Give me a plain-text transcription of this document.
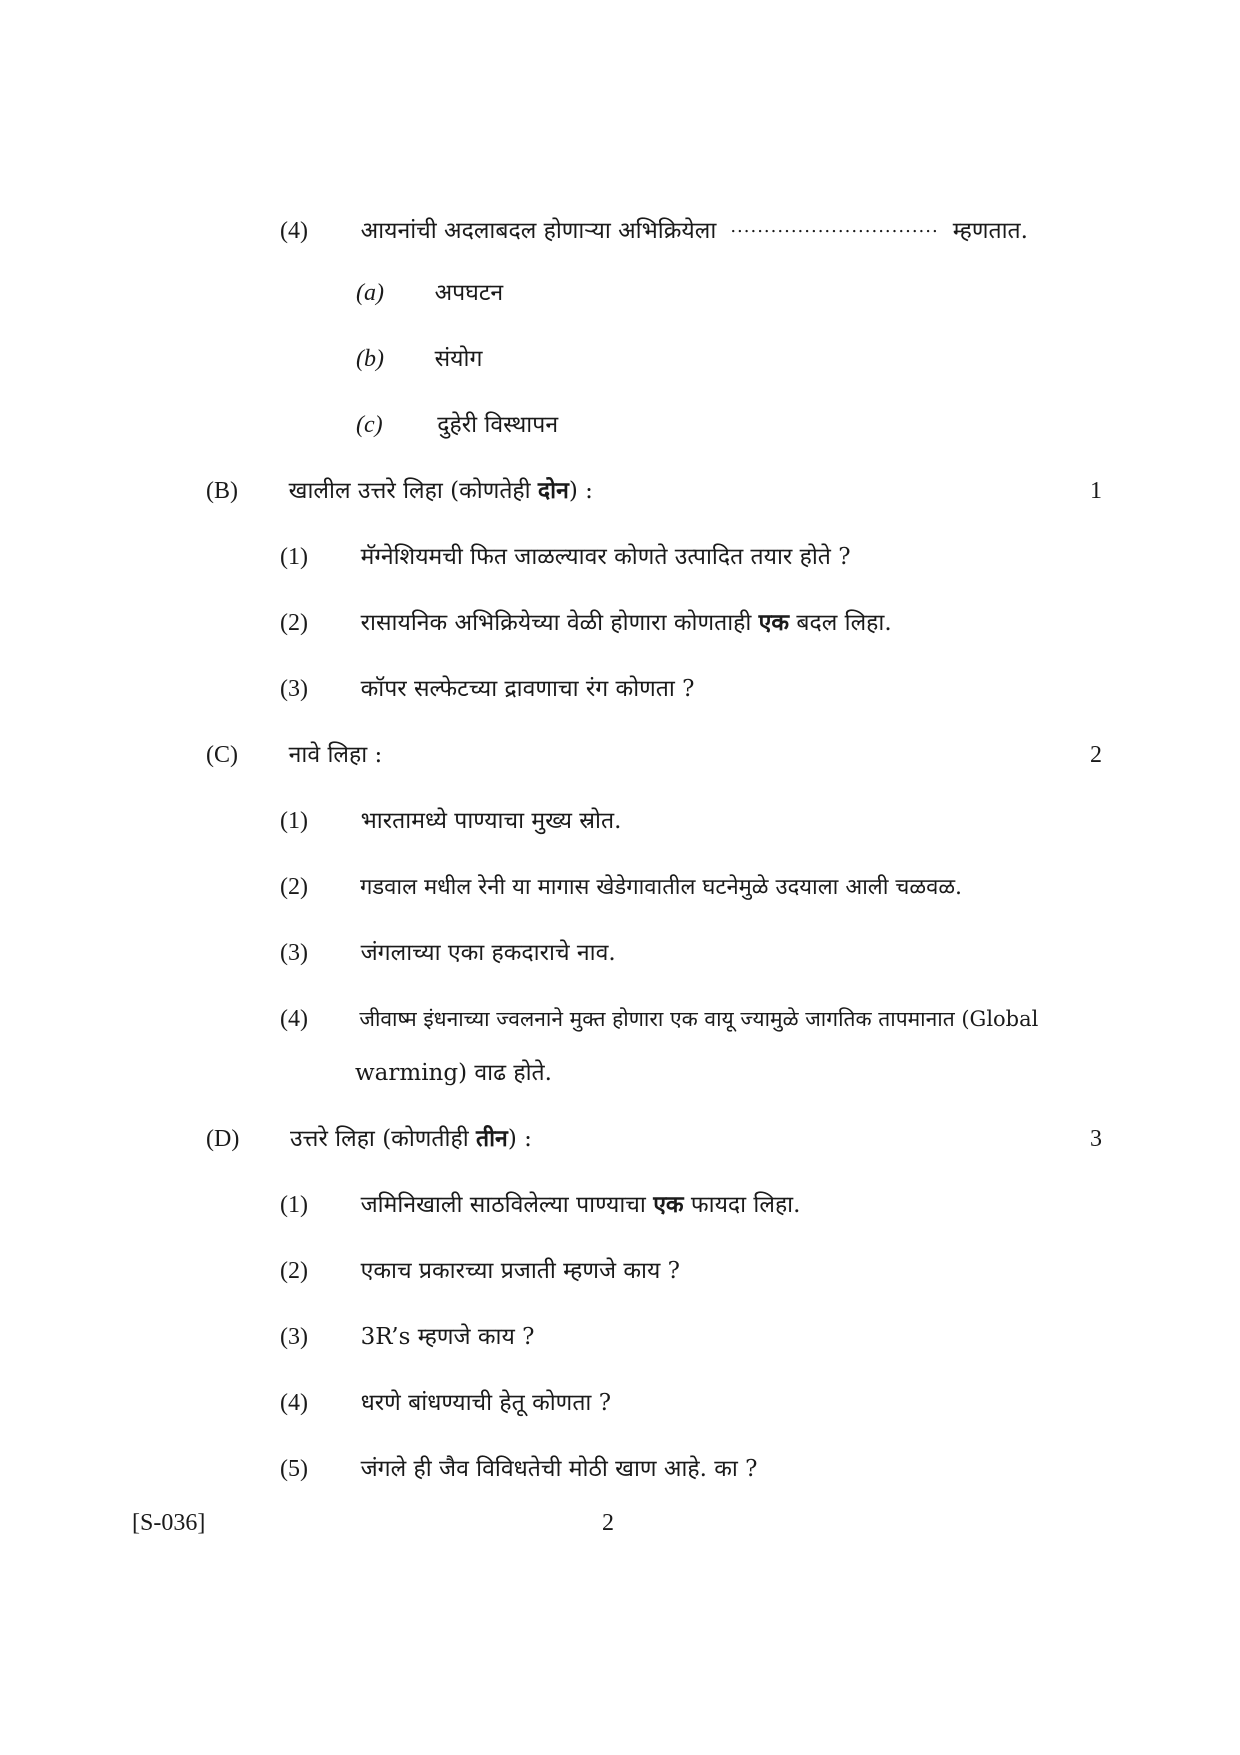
(4) आयनांची अदलाबदल होणाऱ्या अभिक्रियेला ............................... म्हणतात.
(a) अपघटन
(b) संयोग
(c) दुहेरी विस्थापन
(B) खालील उत्तरे लिहा (कोणतेही दोन) :	1
(1) मॅग्नेशियमची फित जाळल्यावर कोणते उत्पादित तयार होते ?
(2) रासायनिक अभिक्रियेच्या वेळी होणारा कोणताही एक बदल लिहा.
(3) कॉपर सल्फेटच्या द्रावणाचा रंग कोणता ?
(C) नावे लिहा :	2
(1) भारतामध्ये पाण्याचा मुख्य स्रोत.
(2) गडवाल मधील रेनी या मागास खेडेगावातील घटनेमुळे उदयाला आली चळवळ.
(3) जंगलाच्या एका हकदाराचे नाव.
(4) जीवाष्म इंधनाच्या ज्वलनाने मुक्त होणारा एक वायू ज्यामुळे जागतिक तापमानात (Global
warming) वाढ होते.
(D) उत्तरे लिहा (कोणतीही तीन) :	3
(1) जमिनिखाली साठविलेल्या पाण्याचा एक फायदा लिहा.
(2) एकाच प्रकारच्या प्रजाती म्हणजे काय ?
(3) 3R’s म्हणजे काय ?
(4) धरणे बांधण्याची हेतू कोणता ?
(5) जंगले ही जैव विविधतेची मोठी खाण आहे. का ?
[S-036]	2
